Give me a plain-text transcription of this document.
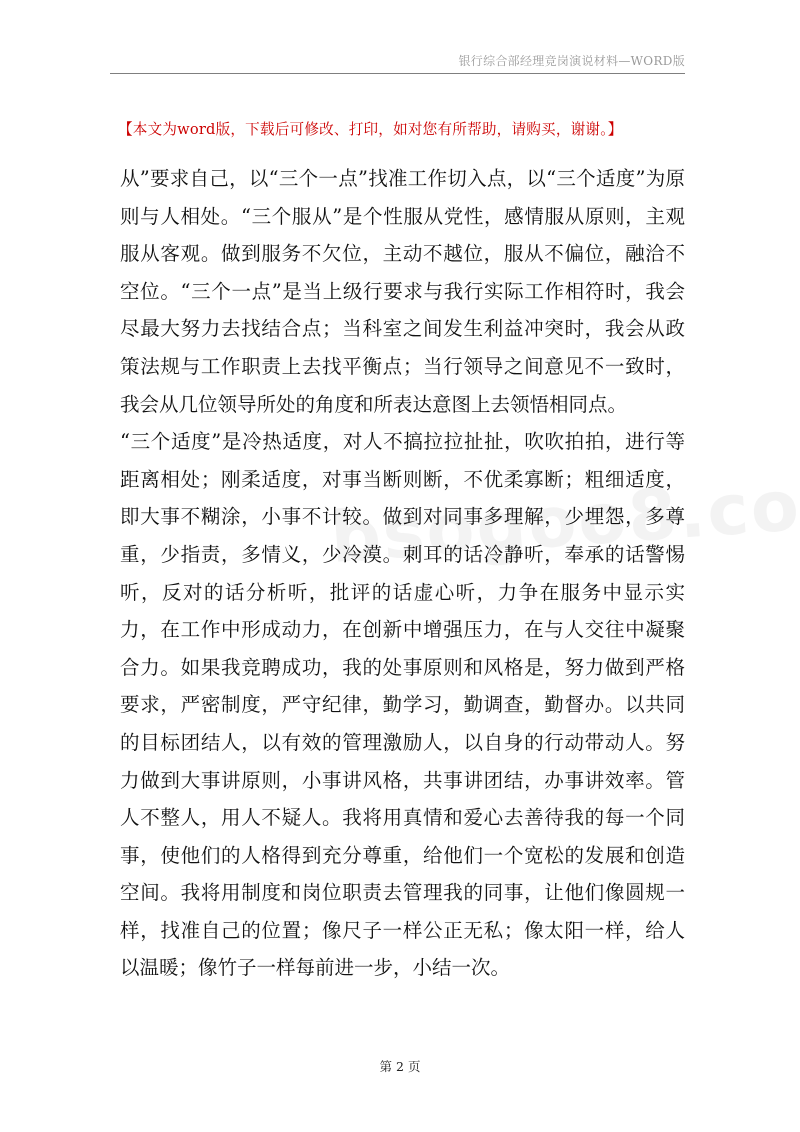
银行综合部经理竞岗演说材料—WORD版
【本文为word版，下载后可修改、打印，如对您有所帮助，请购买，谢谢。】

从”要求自己，以“三个一点”找准工作切入点，以“三个适度”为原则与人相处。“三个服从”是个性服从党性，感情服从原则，主观服从客观。做到服务不欠位，主动不越位，服从不偏位，融洽不空位。“三个一点”是当上级行要求与我行实际工作相符时，我会尽最大努力去找结合点；当科室之间发生利益冲突时，我会从政策法规与工作职责上去找平衡点；当行领导之间意见不一致时，我会从几位领导所处的角度和所表达意图上去领悟相同点。

“三个适度”是冷热适度，对人不搞拉拉扯扯，吹吹拍拍，进行等距离相处；刚柔适度，对事当断则断，不优柔寡断；粗细适度，即大事不糊涂，小事不计较。做到对同事多理解，少埋怨，多尊重，少指责，多情义，少冷漠。刺耳的话冷静听，奉承的话警惕听，反对的话分析听，批评的话虚心听，力争在服务中显示实力，在工作中形成动力，在创新中增强压力，在与人交往中凝聚合力。如果我竞聘成功，我的处事原则和风格是，努力做到严格要求，严密制度，严守纪律，勤学习，勤调查，勤督办。以共同的目标团结人，以有效的管理激励人，以自身的行动带动人。努力做到大事讲原则，小事讲风格，共事讲团结，办事讲效率。管人不整人，用人不疑人。我将用真情和爱心去善待我的每一个同事，使他们的人格得到充分尊重，给他们一个宽松的发展和创造空间。我将用制度和岗位职责去管理我的同事，让他们像圆规一样，找准自己的位置；像尺子一样公正无私；像太阳一样，给人以温暖；像竹子一样每前进一步，小结一次。

第 2 页
